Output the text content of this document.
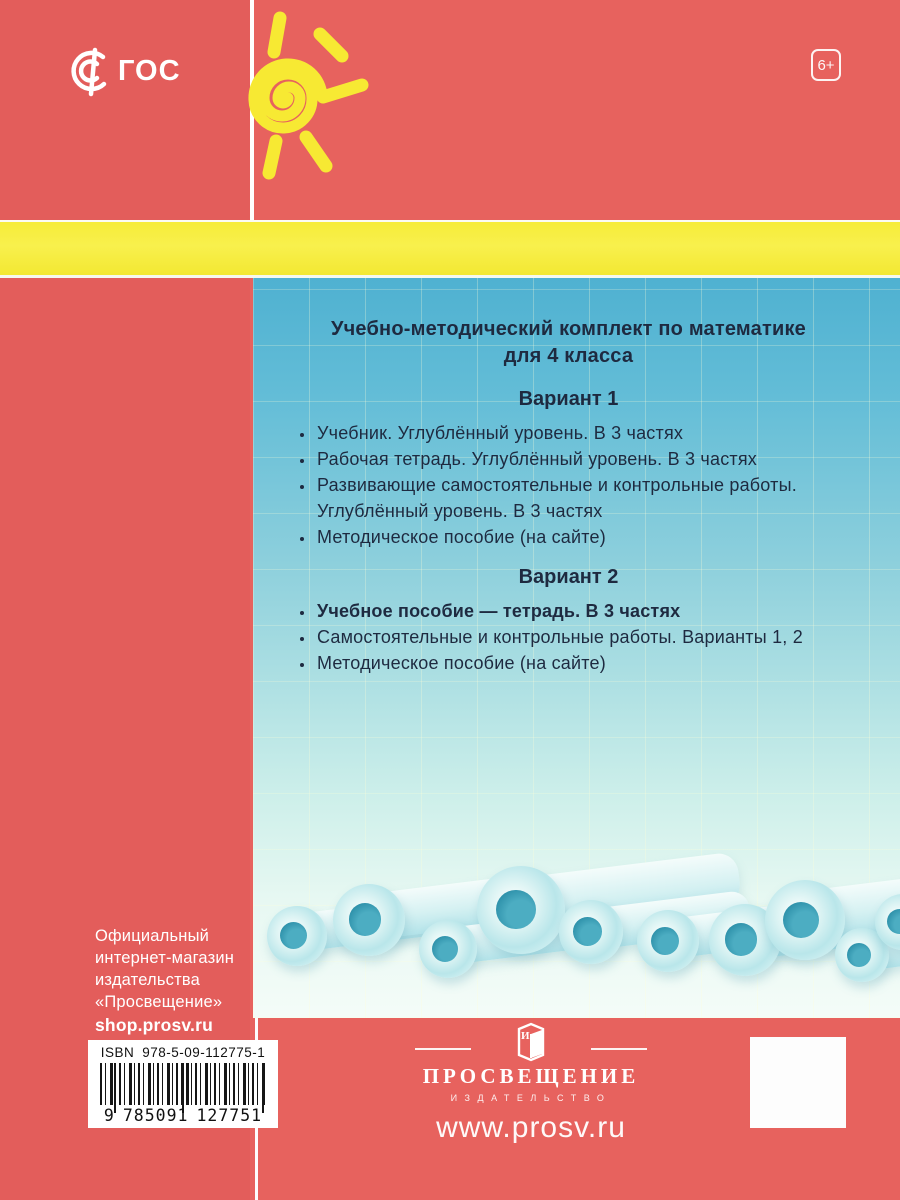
ГОС	6+
Учебно-методический комплект по математике
для 4 класса
Вариант 1
• Учебник. Углублённый уровень. В 3 частях
• Рабочая тетрадь. Углублённый уровень. В 3 частях
• Развивающие самостоятельные и контрольные работы. Углублённый уровень. В 3 частях
• Методическое пособие (на сайте)
Вариант 2
• Учебное пособие — тетрадь. В 3 частях
• Самостоятельные и контрольные работы. Варианты 1, 2
• Методическое пособие (на сайте)
Официальный
интернет-магазин
издательства
«Просвещение»
shop.prosv.ru
ISBN 978-5-09-112775-1
9 785091 127751
И
ПРОСВЕЩЕНИЕ
ИЗДАТЕЛЬСТВО
www.prosv.ru
